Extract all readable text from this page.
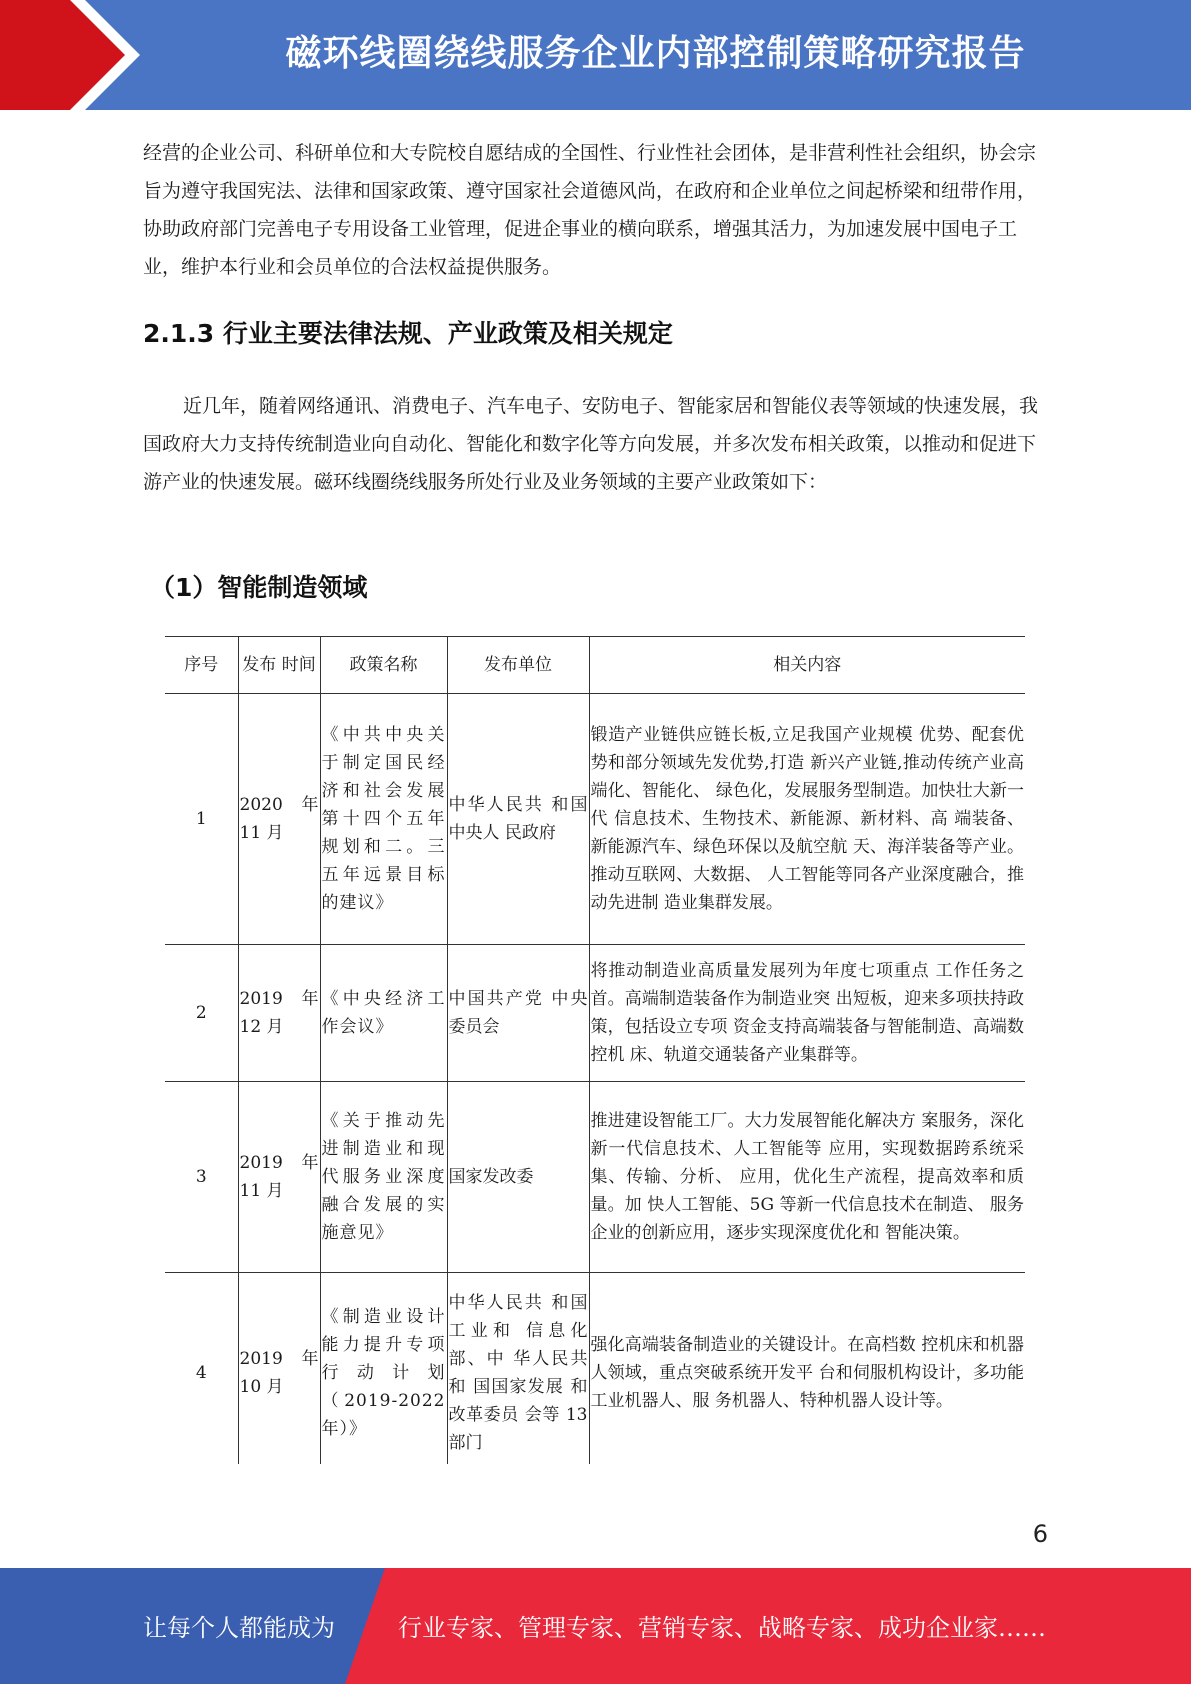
磁环线圈绕线服务企业内部控制策略研究报告

经营的企业公司、科研单位和大专院校自愿结成的全国性、行业性社会团体，是非营利性社会组织，协会宗旨为遵守我国宪法、法律和国家政策、遵守国家社会道德风尚，在政府和企业单位之间起桥梁和纽带作用，协助政府部门完善电子专用设备工业管理，促进企事业的横向联系，增强其活力，为加速发展中国电子工业，维护本行业和会员单位的合法权益提供服务。

2.1.3 行业主要法律法规、产业政策及相关规定

近几年，随着网络通讯、消费电子、汽车电子、安防电子、智能家居和智能仪表等领域的快速发展，我国政府大力支持传统制造业向自动化、智能化和数字化等方向发展，并多次发布相关政策，以推动和促进下游产业的快速发展。磁环线圈绕线服务所处行业及业务领域的主要产业政策如下：

（1）智能制造领域
序号	发布 时间	政策名称	发布单位	相关内容
1	2020 年 11 月	《中共中央关于制定国民经济和社会发展第十四个五年规划和二。三五年远景目标的建议》	中华人民共 和国中央人 民政府	锻造产业链供应链长板,立足我国产业规模 优势、配套优势和部分领域先发优势,打造 新兴产业链,推动传统产业高端化、智能化、 绿色化，发展服务型制造。加快壮大新一代 信息技术、生物技术、新能源、新材料、高 端装备、新能源汽车、绿色环保以及航空航 天、海洋装备等产业。推动互联网、大数据、 人工智能等同各产业深度融合，推动先进制 造业集群发展。
2	2019 年 12 月	《中央经济工作会议》	中国共产党 中央委员会	将推动制造业高质量发展列为年度七项重点 工作任务之首。高端制造装备作为制造业突 出短板，迎来多项扶持政策，包括设立专项 资金支持高端装备与智能制造、高端数控机 床、轨道交通装备产业集群等。
3	2019 年 11 月	《关于推动先进制造业和现代服务业深度融合发展的实施意见》	国家发改委	推进建设智能工厂。大力发展智能化解决方 案服务，深化新一代信息技术、人工智能等 应用，实现数据跨系统采集、传输、分析、 应用，优化生产流程，提高效率和质量。加 快人工智能、5G 等新一代信息技术在制造、 服务企业的创新应用，逐步实现深度优化和 智能决策。
4	2019 年 10 月	《制造业设计能力提升专项行动计划（2019-2022 年）》	中华人民共 和国工业和 信息化部、中 华人民共和 国国家发展 和改革委员 会等 13 部门	强化高端装备制造业的关键设计。在高档数 控机床和机器人领域，重点突破系统开发平 台和伺服机构设计，多功能工业机器人、服 务机器人、特种机器人设计等。
6
让每个人都能成为	行业专家、管理专家、营销专家、战略专家、成功企业家……
